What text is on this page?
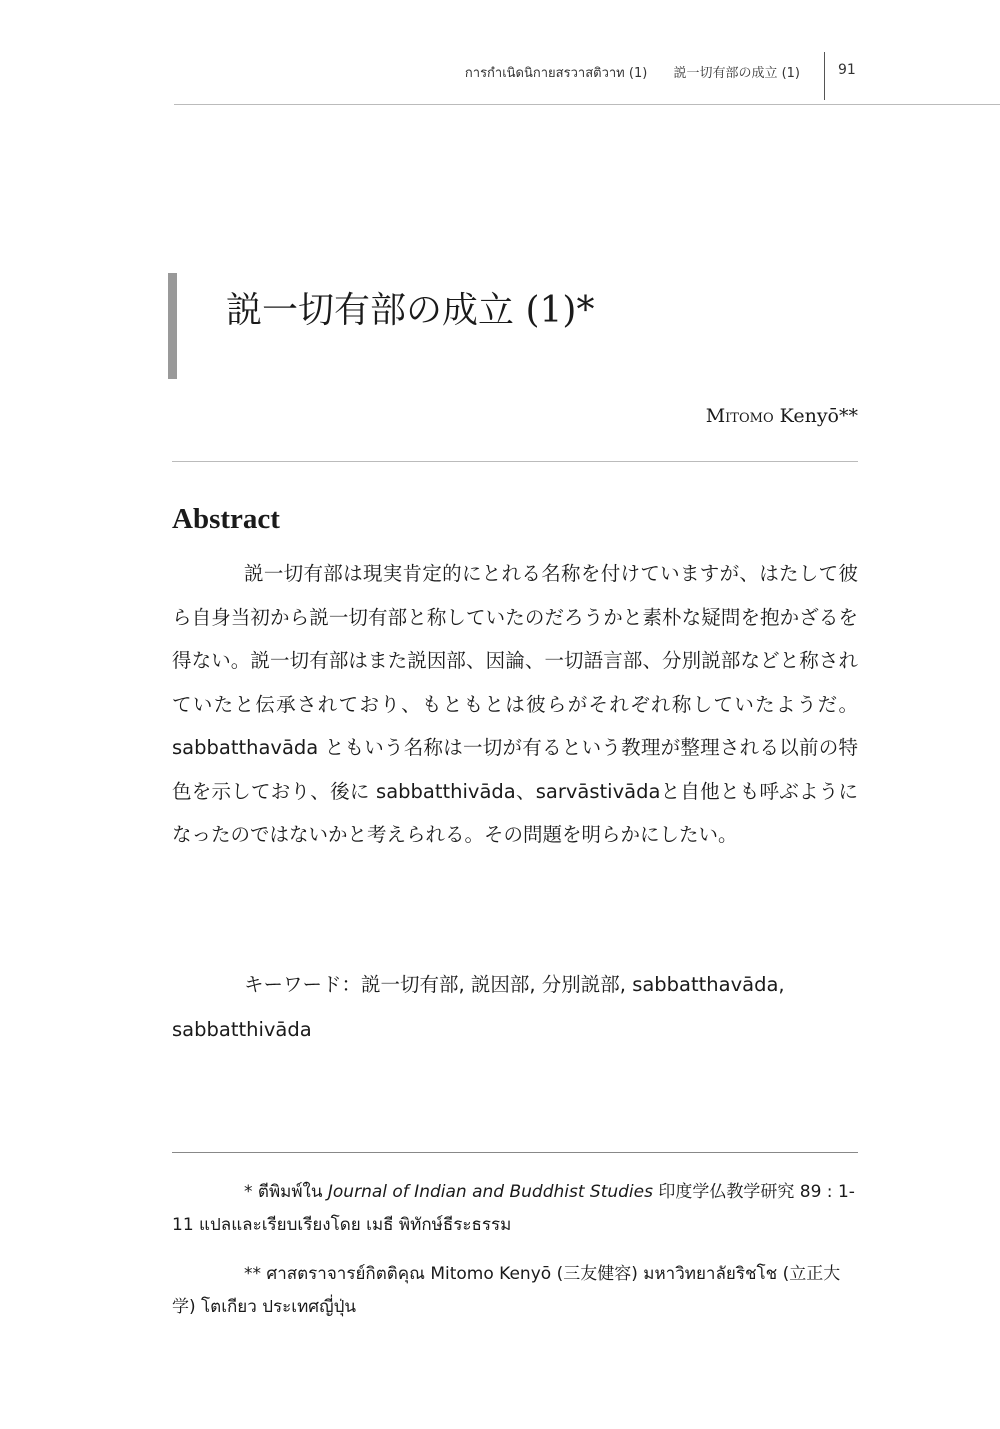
การกำเนิดนิกายสรวาสติวาท (1) 説一切有部の成立 (1)	91
説一切有部の成立 (1)*
Mitomo Kenyō**
Abstract
説一切有部は現実肯定的にとれる名称を付けていますが、はたして彼ら自身当初から説一切有部と称していたのだろうかと素朴な疑問を抱かざるを得ない。説一切有部はまた説因部、因論、一切語言部、分別説部などと称されていたと伝承されており、もともとは彼らがそれぞれ称していたようだ。sabbatthavāda ともいう名称は一切が有るという教理が整理される以前の特色を示しており、後に sabbatthivāda、sarvāstivādaと自他とも呼ぶようになったのではないかと考えられる。その問題を明らかにしたい。
キーワード：説一切有部, 説因部, 分別説部, sabbatthavāda, sabbatthivāda
* ตีพิมพ์ใน Journal of Indian and Buddhist Studies 印度学仏教学研究 89 : 1-11 แปลและเรียบเรียงโดย เมธี พิทักษ์ธีระธรรม
** ศาสตราจารย์กิตติคุณ Mitomo Kenyō (三友健容) มหาวิทยาลัยริชโช (立正大学) โตเกียว ประเทศญี่ปุ่น
